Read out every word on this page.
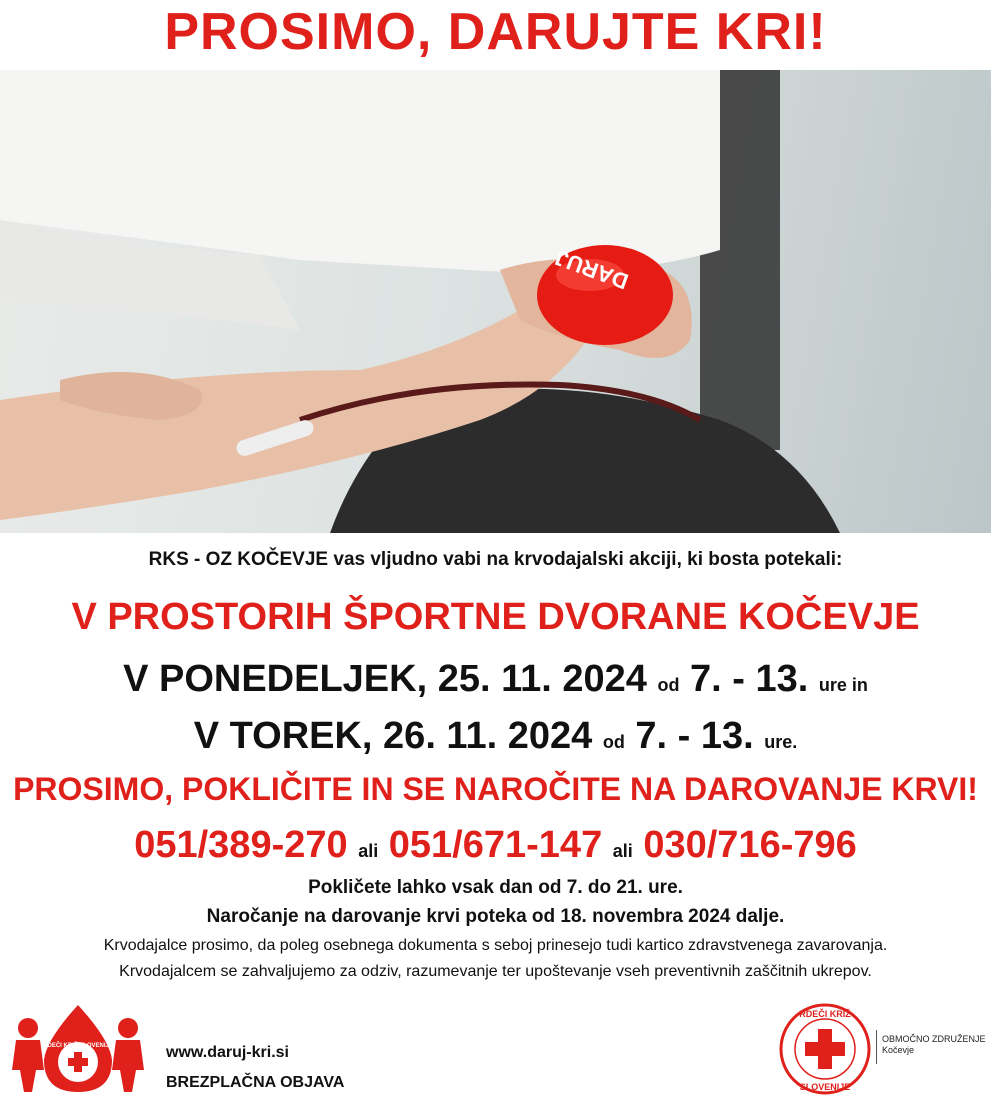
PROSIMO, DARUJTE KRI!
DARUJ
RKS - OZ KOČEVJE vas vljudno vabi na krvodajalski akciji, ki bosta potekali:
V PROSTORIH ŠPORTNE DVORANE KOČEVJE
V PONEDELJEK, 25. 11. 2024 od 7. - 13. ure in
V TOREK, 26. 11. 2024 od 7. - 13. ure.
PROSIMO, POKLIČITE IN SE NAROČITE NA DAROVANJE KRVI!
051/389-270 ali 051/671-147 ali 030/716-796
Pokličete lahko vsak dan od 7. do 21. ure.
Naročanje na darovanje krvi poteka od 18. novembra 2024 dalje.
Krvodajalce prosimo, da poleg osebnega dokumenta s seboj prinesejo tudi kartico zdravstvenega zavarovanja.
Krvodajalcem se zahvaljujemo za odziv, razumevanje ter upoštevanje vseh preventivnih zaščitnih ukrepov.
RDEČI KRIŽ SLOVENIJE	www.daruj-kri.si
BREZPLAČNA OBJAVA
RDEČI KRIŽ
SLOVENIJE
OBMOČNO ZDRUŽENJE
Kočevje
